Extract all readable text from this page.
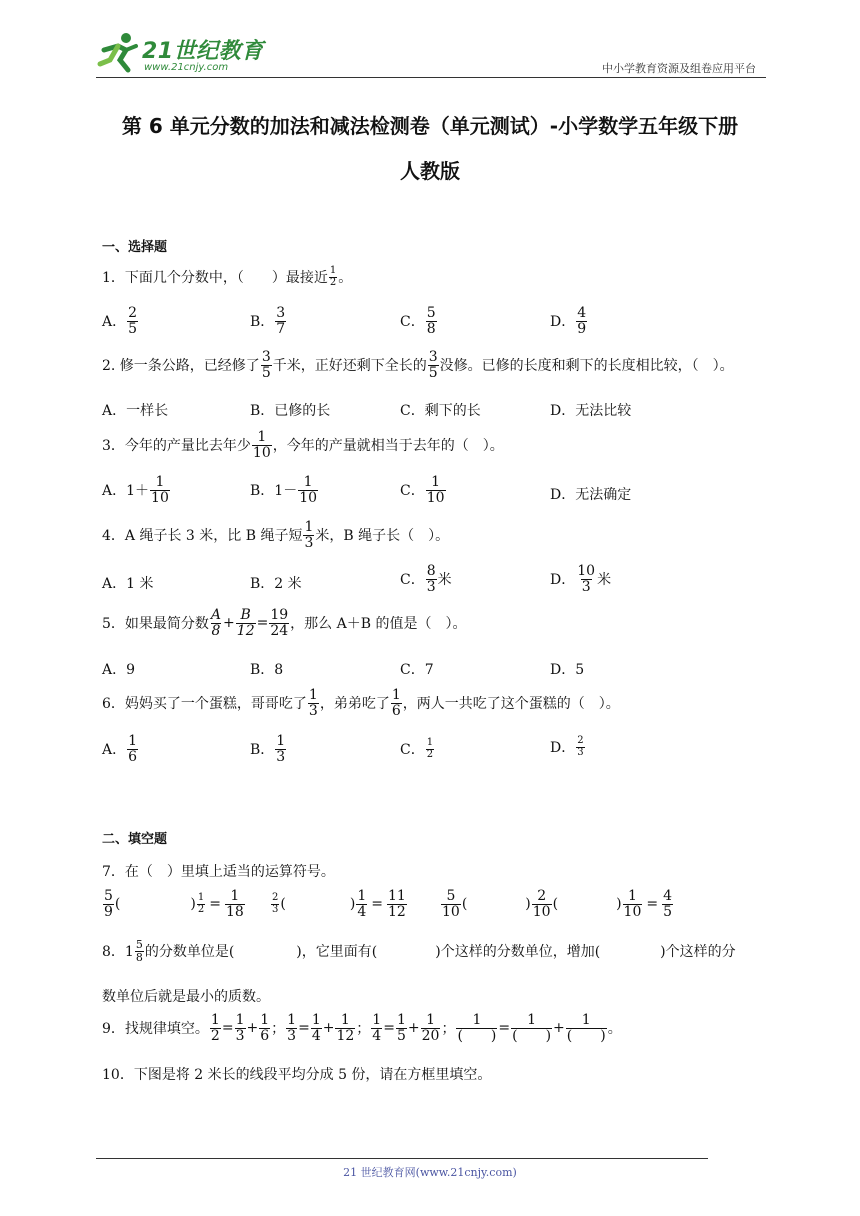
21世纪教育
www.21cnjy.com	中小学教育资源及组卷应用平台
第 6 单元分数的加法和减法检测卷（单元测试）-小学数学五年级下册
人教版
一、选择题
1．下面几个分数中，（　　）最接近 $\frac{1}{2}$ 。
A． $\frac{2}{5}$	B． $\frac{3}{7}$	C． $\frac{5}{8}$	D． $\frac{4}{9}$
2. 修一条公路，已经修了 $\frac{3}{5}$ 千米，正好还剩下全长的 $\frac{3}{5}$ 没修。已修的长度和剩下的长度相比较，（　）。
A．一样长	B．已修的长	C．剩下的长	D．无法比较
3．今年的产量比去年少 $\frac{1}{10}$ ，今年的产量就相当于去年的（　）。
A．$1+ \frac{1}{10}$	B．$1- \frac{1}{10}$	C． $\frac{1}{10}$	D．无法确定
4．A 绳子长 3 米，比 B 绳子短 $\frac{1}{3}$ 米，B 绳子长（　）。
A．1 米	B．2 米	C． $\frac{8}{3}$ 米	D． $\frac{10}{3}$ 米
5．如果最简分数 $\frac{A}{8} + \frac{B}{12} = \frac{19}{24}$ ，那么 A＋B 的值是（　）。
A．9	B．8	C．7	D．5
6．妈妈买了一个蛋糕，哥哥吃了 $\frac{1}{3}$ ，弟弟吃了 $\frac{1}{6}$ ，两人一共吃了这个蛋糕的（　）。
A． $\frac{1}{6}$	B． $\frac{1}{3}$	C． $\frac{1}{2}$	D． $\frac{2}{3}$
二、填空题
7．在（　）里填上适当的运算符号。
$\frac{5}{9}$ (	) $\frac{1}{2} = \frac{1}{18}$	$\frac{2}{3}$ (	) $\frac{1}{4} = \frac{11}{12} \frac{5}{10}$ (	) $\frac{2}{10}$ (	) $\frac{1}{10} = \frac{4}{5}$
8．$1 \frac{5}{8}$ 的分数单位是(	)，它里面有(	)个这样的分数单位，增加(	)个这样的分
数单位后就是最小的质数。
9．找规律填空。 $\frac{1}{2} = \frac{1}{3} + \frac{1}{6}$ ； $\frac{1}{3} = \frac{1}{4} + \frac{1}{12}$ ； $\frac{1}{4} = \frac{1}{5} + \frac{1}{20}$ ； $\frac{1}{( )} = \frac{1}{( )} + \frac{1}{( )}$ 。
10．下图是将 2 米长的线段平均分成 5 份，请在方框里填空。
21 世纪教育网(www.21cnjy.com)
